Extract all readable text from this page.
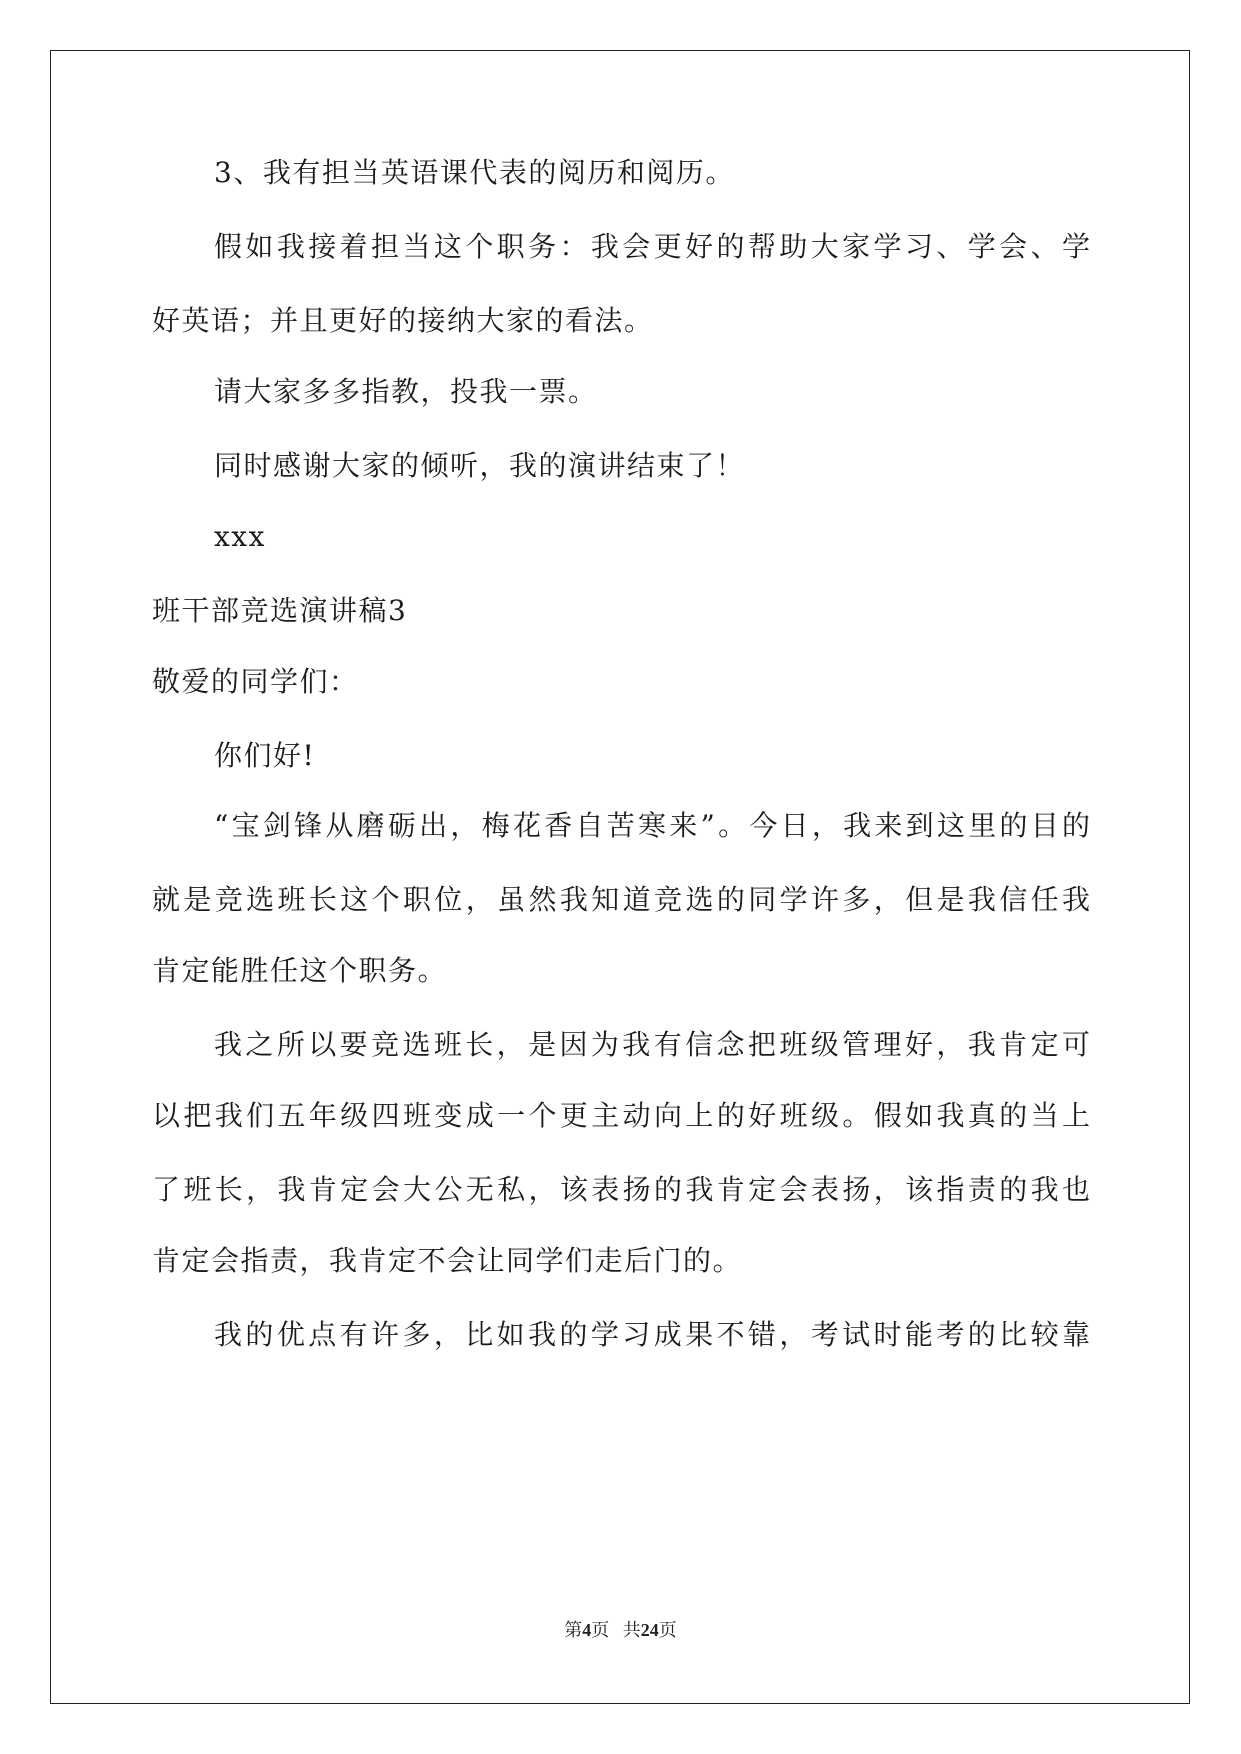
3、我有担当英语课代表的阅历和阅历。
假如我接着担当这个职务：我会更好的帮助大家学习、学会、学
好英语；并且更好的接纳大家的看法。
请大家多多指教，投我一票。
同时感谢大家的倾听，我的演讲结束了！
xxx
班干部竞选演讲稿3
敬爱的同学们：
你们好!
“宝剑锋从磨砺出，梅花香自苦寒来”。今日，我来到这里的目的
就是竞选班长这个职位，虽然我知道竞选的同学许多，但是我信任我
肯定能胜任这个职务。
我之所以要竞选班长，是因为我有信念把班级管理好，我肯定可
以把我们五年级四班变成一个更主动向上的好班级。假如我真的当上
了班长，我肯定会大公无私，该表扬的我肯定会表扬，该指责的我也
肯定会指责，我肯定不会让同学们走后门的。
我的优点有许多，比如我的学习成果不错，考试时能考的比较靠
第4页 共24页
